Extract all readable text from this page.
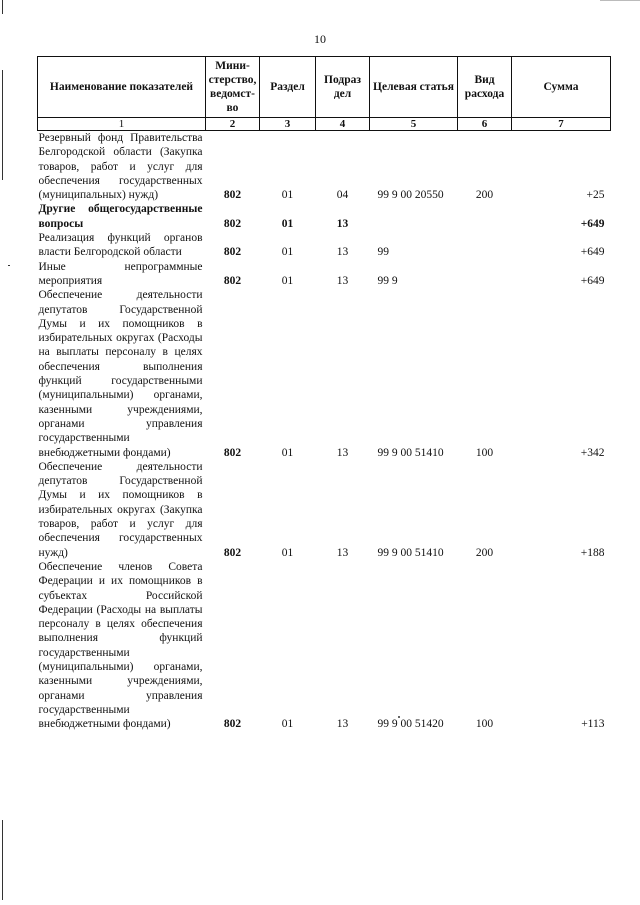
10
Наименование показателей	Мини-стерство, ведомст-во	Раздел	Подраз дел	Целевая статья	Вид расхода	Сумма
1	2	3	4	5	6	7
Резервный фонд Правительства Белгородской области (Закупка товаров, работ и услуг для обеспечения государственных (муниципальных) нужд)	802	01	04	99 9 00 20550	200	+25
Другие общегосударственные вопросы	802	01	13			+649
Реализация функций органов власти Белгородской области	802	01	13	99		+649
Иные непрограммные мероприятия	802	01	13	99 9		+649
Обеспечение деятельности депутатов Государственной Думы и их помощников в избирательных округах (Расходы на выплаты персоналу в целях обеспечения выполнения функций государственными (муниципальными) органами, казенными учреждениями, органами управления государственными внебюджетными фондами)	802	01	13	99 9 00 51410	100	+342
Обеспечение деятельности депутатов Государственной Думы и их помощников в избирательных округах (Закупка товаров, работ и услуг для обеспечения государственных нужд)	802	01	13	99 9 00 51410	200	+188
Обеспечение членов Совета Федерации и их помощников в субъектах Российской Федерации (Расходы на выплаты персоналу в целях обеспечения выполнения функций государственными (муниципальными) органами, казенными учреждениями, органами управления государственными внебюджетными фондами)	802	01	13	99 9 00 51420	100	+113
